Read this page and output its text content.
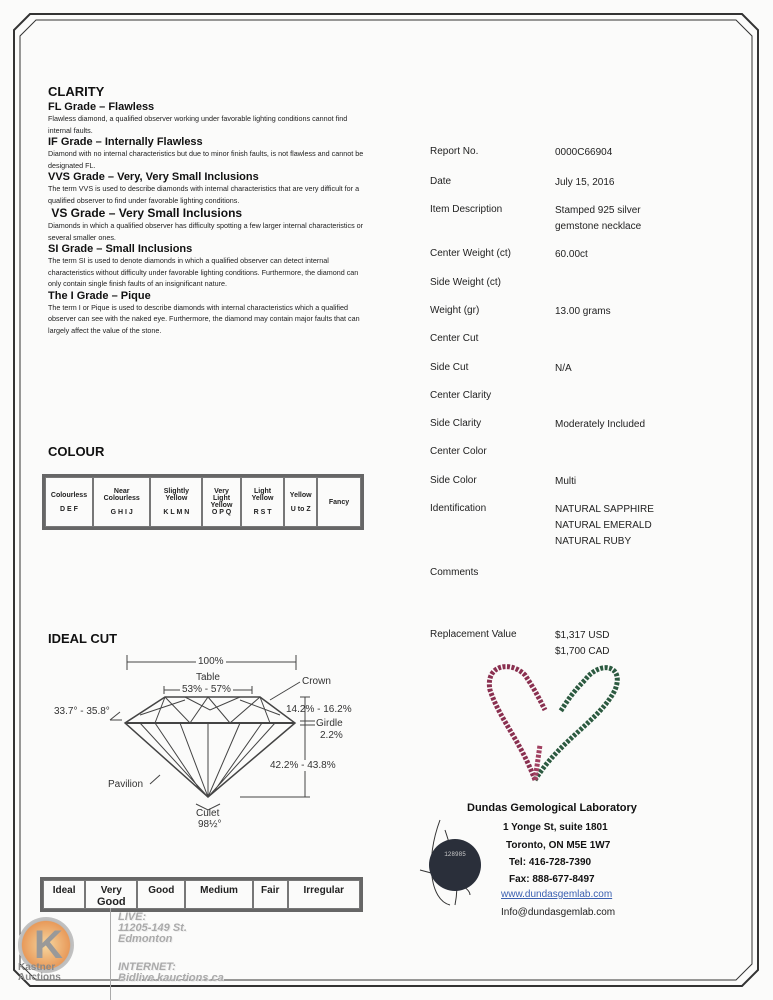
CLARITY
FL Grade – Flawless
Flawless diamond, a qualified observer working under favorable lighting conditions cannot find internal faults.
IF Grade – Internally Flawless
Diamond with no internal characteristics but due to minor finish faults, is not flawless and cannot be designated FL.
VVS Grade – Very, Very Small Inclusions
The term VVS is used to describe diamonds with internal characteristics that are very difficult for a qualified observer to find under favorable lighting conditions.
VS Grade – Very Small Inclusions
Diamonds in which a qualified observer has difficulty spotting a few larger internal characteristics or several smaller ones.
SI Grade – Small Inclusions
The term SI is used to denote diamonds in which a qualified observer can detect internal characteristics without difficulty under favorable lighting conditions. Furthermore, the diamond can only contain single finish faults of an insignificant nature.
The I Grade – Pique
The term I or Pique is used to describe diamonds with internal characteristics which a qualified observer can see with the naked eye. Furthermore, the diamond may contain major faults that can largely affect the value of the stone.
COLOUR
Colourless

D E F

Near Colourless

G H I J

Slightly Yellow

K L M N

Very Light Yellow
O P Q

Light Yellow

R S T

Yellow

U to Z

Fancy
IDEAL CUT
100%
Table
53% - 57%
Crown
33.7° - 35.8°	14.2% - 16.2%
Girdle
2.2%
42.2% - 43.8%
Pavilion
Culet
98½°
Ideal	Very
Good
	Good	Medium	Fair	Irregular
Report No.	0000C66904
Date	July 15, 2016
Item Description	Stamped 925 silver
gemstone necklace
Center Weight (ct)	60.00ct
Side Weight (ct)
Weight (gr)	13.00 grams
Center Cut
Side Cut	N/A
Center Clarity
Side Clarity	Moderately Included
Center Color
Side Color	Multi
Identification	NATURAL SAPPHIRE
NATURAL EMERALD
NATURAL RUBY
Comments
Replacement Value	$1,317 USD
$1,700 CAD
128985
Dundas Gemological Laboratory
1 Yonge St, suite 1801
Toronto, ON M5E 1W7
Tel: 416-728-7390
Fax: 888-677-8497
www.dundasgemlab.com
Info@dundasgemlab.com
K
Kastner
Auctions
LIVE:
11205-149 St.
Edmonton
INTERNET:
Bidlive.kauctions.ca
